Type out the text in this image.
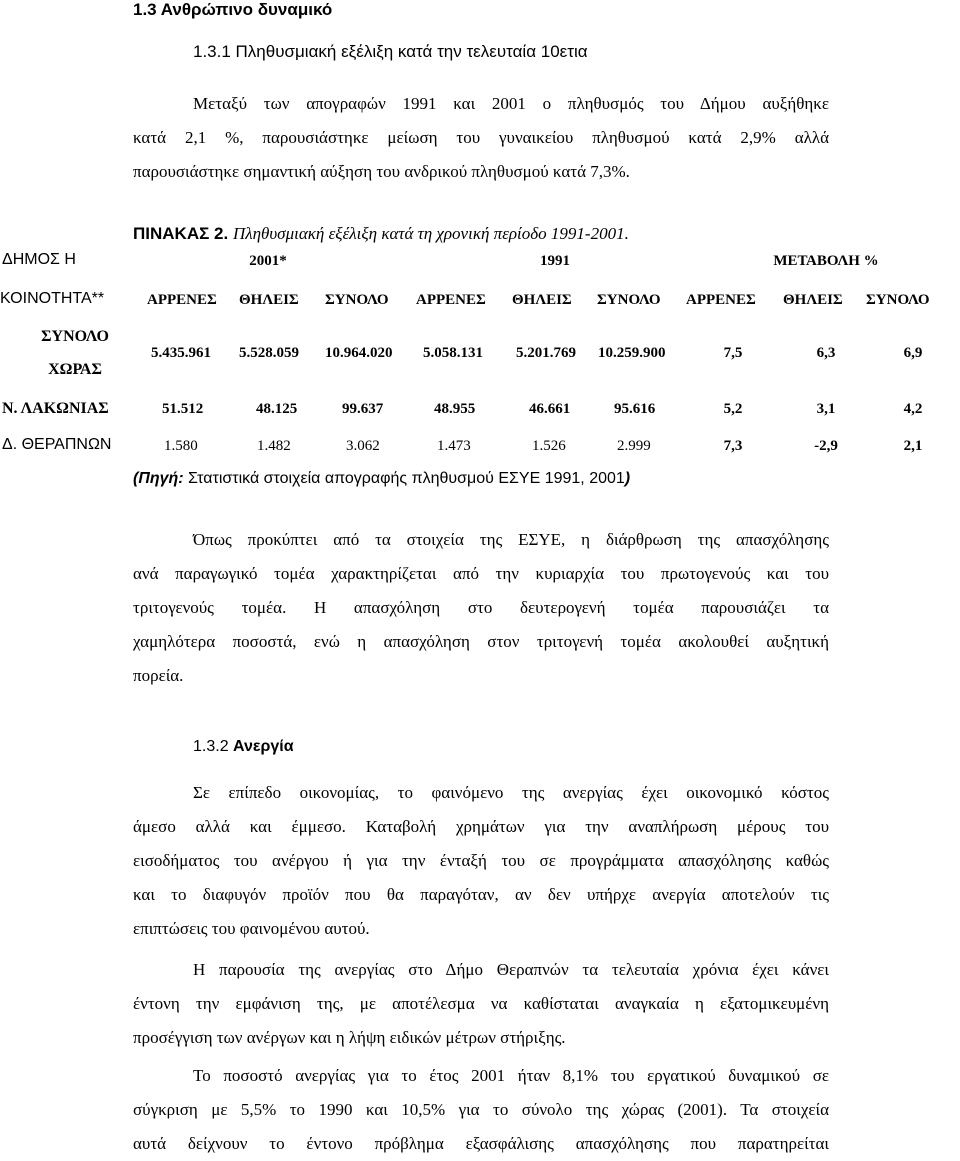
1.3 Ανθρώπινο δυναμικό
1.3.1 Πληθυσμιακή εξέλιξη κατά την τελευταία 10ετια
Μεταξύ των απογραφών 1991 και 2001 ο πληθυσμός του Δήμου αυξήθηκε
κατά 2,1 %, παρουσιάστηκε μείωση του γυναικείου πληθυσμού κατά 2,9% αλλά
παρουσιάστηκε σημαντική αύξηση του ανδρικού πληθυσμού κατά 7,3%.
ΠΙΝΑΚΑΣ 2. Πληθυσμιακή εξέλιξη κατά τη χρονική περίοδο 1991-2001.
ΔΗΜΟΣ Η	2001*	1991	ΜΕΤΑΒΟΛΗ %
ΚΟΙΝΟΤΗΤΑ**	ΑΡΡΕΝΕΣ ΘΗΛΕΙΣ ΣΥΝΟΛΟ ΑΡΡΕΝΕΣ ΘΗΛΕΙΣ ΣΥΝΟΛΟ ΑΡΡΕΝΕΣ ΘΗΛΕΙΣ ΣΥΝΟΛΟ
ΣΥΝΟΛΟ
ΧΩΡΑΣ
5.435.961 5.528.059 10.964.020 5.058.131 5.201.769 10.259.900	7,5	6,3	6,9
Ν. ΛΑΚΩΝΙΑΣ	51.512	48.125	99.637	48.955	46.661	95.616	5,2	3,1	4,2
Δ. ΘΕΡΑΠΝΩΝ	1.580	1.482	3.062	1.473	1.526	2.999	7,3	-2,9	2,1
(Πηγή: Στατιστικά στοιχεία απογραφής πληθυσμού ΕΣΥΕ 1991, 2001)
Όπως προκύπτει από τα στοιχεία της ΕΣΥΕ, η διάρθρωση της απασχόλησης
ανά παραγωγικό τομέα χαρακτηρίζεται από την κυριαρχία του πρωτογενούς και του
τριτογενούς τομέα. Η απασχόληση στο δευτερογενή τομέα παρουσιάζει τα
χαμηλότερα ποσοστά, ενώ η απασχόληση στον τριτογενή τομέα ακολουθεί αυξητική
πορεία.
1.3.2 Ανεργία
Σε επίπεδο οικονομίας, το φαινόμενο της ανεργίας έχει οικονομικό κόστος
άμεσο αλλά και έμμεσο. Καταβολή χρημάτων για την αναπλήρωση μέρους του
εισοδήματος του ανέργου ή για την ένταξή του σε προγράμματα απασχόλησης καθώς
και το διαφυγόν προϊόν που θα παραγόταν, αν δεν υπήρχε ανεργία αποτελούν τις
επιπτώσεις του φαινομένου αυτού.
Η παρουσία της ανεργίας στο Δήμο Θεραπνών τα τελευταία χρόνια έχει κάνει
έντονη την εμφάνιση της, με αποτέλεσμα να καθίσταται αναγκαία η εξατομικευμένη
προσέγγιση των ανέργων και η λήψη ειδικών μέτρων στήριξης.
Το ποσοστό ανεργίας για το έτος 2001 ήταν 8,1% του εργατικού δυναμικού σε
σύγκριση με 5,5% το 1990 και 10,5% για το σύνολο της χώρας (2001). Τα στοιχεία
αυτά δείχνουν το έντονο πρόβλημα εξασφάλισης απασχόλησης που παρατηρείται
